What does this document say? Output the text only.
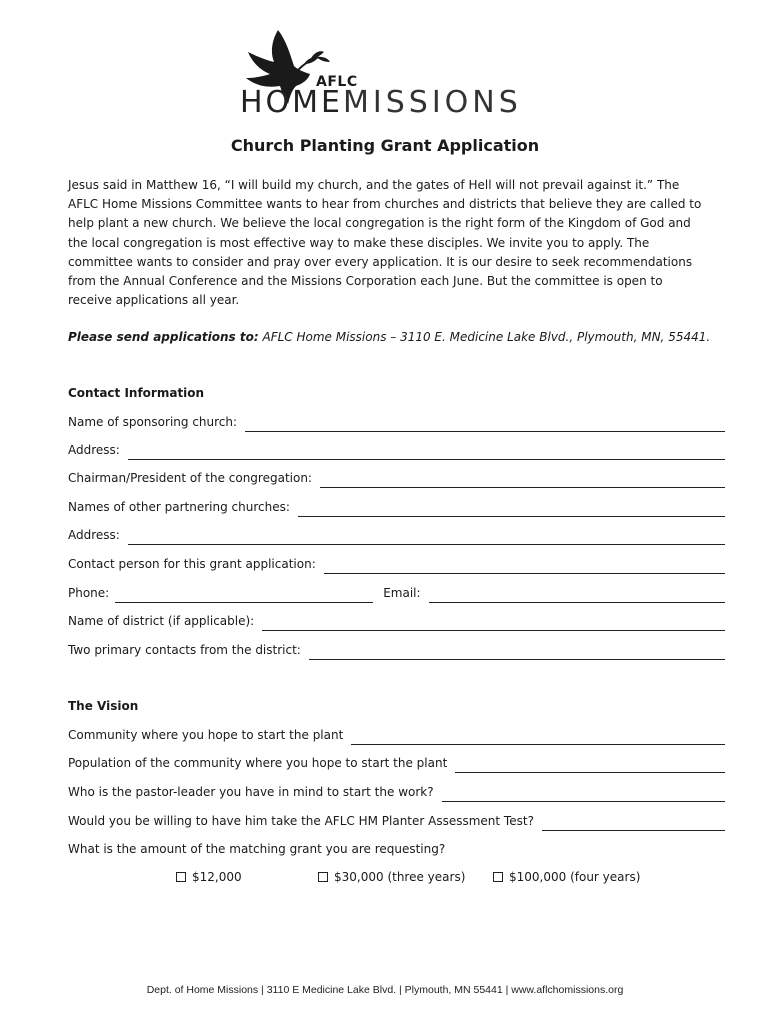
AFLC
HOMEMISSIONS
Church Planting Grant Application

Jesus said in Matthew 16, “I will build my church, and the gates of Hell will not prevail against it.” The AFLC Home Missions Committee wants to hear from churches and districts that believe they are called to help plant a new church. We believe the local congregation is the right form of the Kingdom of God and the local congregation is most effective way to make these disciples. We invite you to apply. The committee wants to consider and pray over every application. It is our desire to seek recommendations from the Annual Conference and the Missions Corporation each June. But the committee is open to receive applications all year.

Please send applications to: AFLC Home Missions – 3110 E. Medicine Lake Blvd., Plymouth, MN, 55441.

Contact Information

Name of sponsoring church:
Address:
Chairman/President of the congregation:
Names of other partnering churches:
Address:
Contact person for this grant application:
Phone:	Email:
Name of district (if applicable):
Two primary contacts from the district:

The Vision

Community where you hope to start the plant
Population of the community where you hope to start the plant
Who is the pastor-leader you have in mind to start the work?
Would you be willing to have him take the AFLC HM Planter Assessment Test?

What is the amount of the matching grant you are requesting?

$12,000	$30,000 (three years)	$100,000 (four years)

Dept. of Home Missions | 3110 E Medicine Lake Blvd. | Plymouth, MN 55441 | www.aflchomissions.org
